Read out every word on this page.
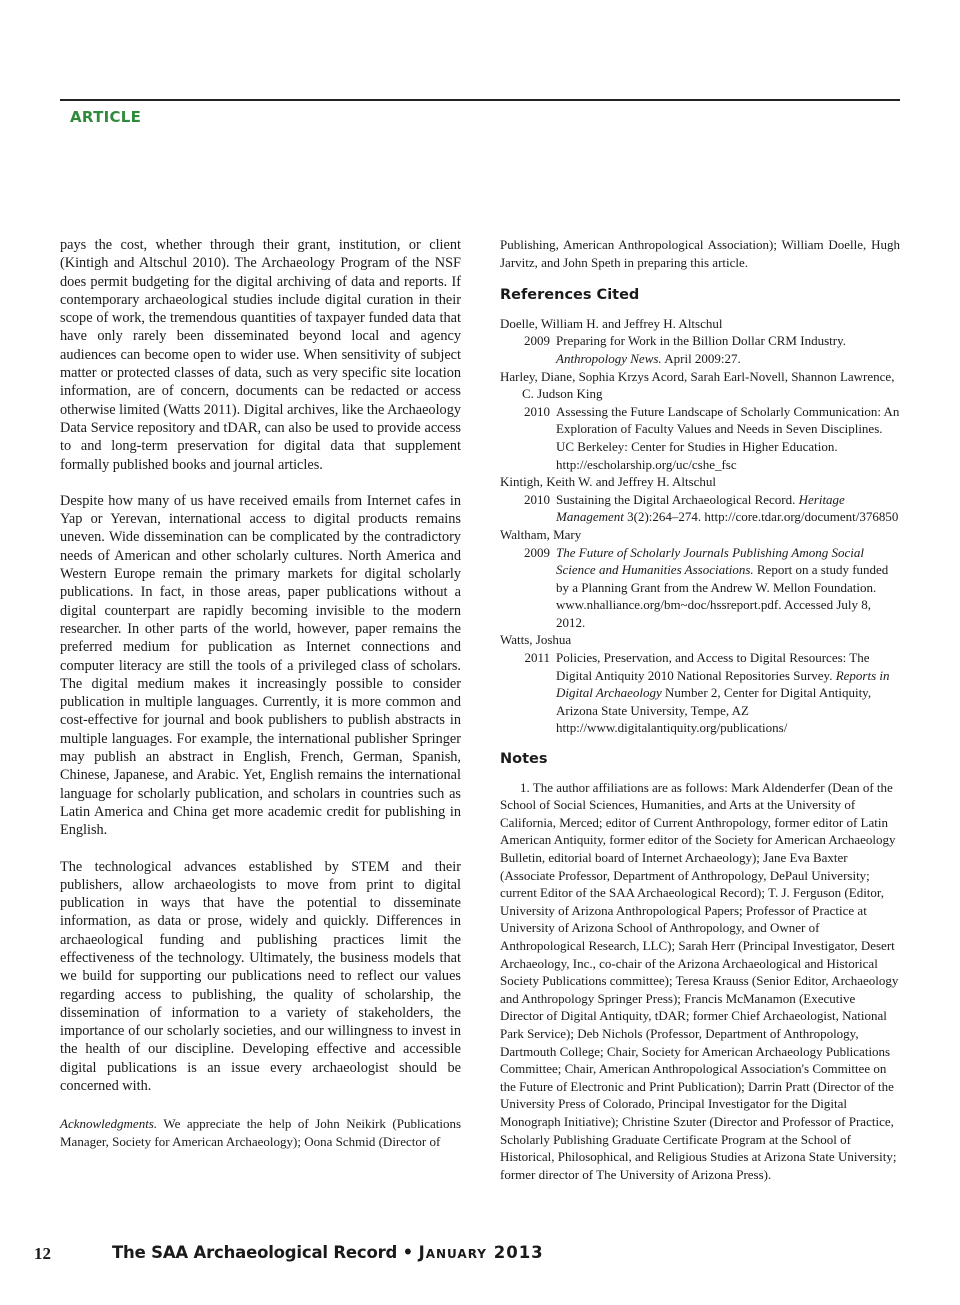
ARTICLE

pays the cost, whether through their grant, institution, or client (Kintigh and Altschul 2010). The Archaeology Program of the NSF does permit budgeting for the digital archiving of data and reports. If contemporary archaeological studies include digital curation in their scope of work, the tremendous quantities of taxpayer funded data that have only rarely been disseminated beyond local and agency audiences can become open to wider use. When sensitivity of subject matter or protected classes of data, such as very specific site location information, are of concern, documents can be redacted or access otherwise limited (Watts 2011). Digital archives, like the Archaeology Data Service repository and tDAR, can also be used to provide access to and long-term preservation for digital data that supplement formally published books and journal articles.

Despite how many of us have received emails from Internet cafes in Yap or Yerevan, international access to digital products remains uneven. Wide dissemination can be complicated by the contradictory needs of American and other scholarly cultures. North America and Western Europe remain the primary markets for digital scholarly publications. In fact, in those areas, paper publications without a digital counterpart are rapidly becoming invisible to the modern researcher. In other parts of the world, however, paper remains the preferred medium for publication as Internet connections and computer literacy are still the tools of a privileged class of scholars. The digital medium makes it increasingly possible to consider publication in multiple languages. Currently, it is more common and cost-effective for journal and book publishers to publish abstracts in multiple languages. For example, the international publisher Springer may publish an abstract in English, French, German, Spanish, Chinese, Japanese, and Arabic. Yet, English remains the international language for scholarly publication, and scholars in countries such as Latin America and China get more academic credit for publishing in English.

The technological advances established by STEM and their publishers, allow archaeologists to move from print to digital publication in ways that have the potential to disseminate information, as data or prose, widely and quickly. Differences in archaeological funding and publishing practices limit the effectiveness of the technology. Ultimately, the business models that we build for supporting our publications need to reflect our values regarding access to publishing, the quality of scholarship, the dissemination of information to a variety of stakeholders, the importance of our scholarly societies, and our willingness to invest in the health of our discipline. Developing effective and accessible digital publications is an issue every archaeologist should be concerned with.

Acknowledgments. We appreciate the help of John Neikirk (Publications Manager, Society for American Archaeology); Oona Schmid (Director of

Publishing, American Anthropological Association); William Doelle, Hugh Jarvitz, and John Speth in preparing this article.

References Cited

Doelle, William H. and Jeffrey H. Altschul

2009 Preparing for Work in the Billion Dollar CRM Industry. Anthropology News. April 2009:27.

Harley, Diane, Sophia Krzys Acord, Sarah Earl-Novell, Shannon Lawrence, C. Judson King

2010 Assessing the Future Landscape of Scholarly Communication: An Exploration of Faculty Values and Needs in Seven Disciplines. UC Berkeley: Center for Studies in Higher Education. http://escholarship.org/uc/cshe_fsc

Kintigh, Keith W. and Jeffrey H. Altschul

2010 Sustaining the Digital Archaeological Record. Heritage Management 3(2):264–274. http://core.tdar.org/document/376850

Waltham, Mary

2009 The Future of Scholarly Journals Publishing Among Social Science and Humanities Associations. Report on a study funded by a Planning Grant from the Andrew W. Mellon Foundation. www.nhalliance.org/bm~doc/hssreport.pdf. Accessed July 8, 2012.

Watts, Joshua

2011 Policies, Preservation, and Access to Digital Resources: The Digital Antiquity 2010 National Repositories Survey. Reports in Digital Archaeology Number 2, Center for Digital Antiquity, Arizona State University, Tempe, AZ http://www.digitalantiquity.org/publications/
Notes

1. The author affiliations are as follows: Mark Aldenderfer (Dean of the School of Social Sciences, Humanities, and Arts at the University of California, Merced; editor of Current Anthropology, former editor of Latin American Antiquity, former editor of the Society for American Archaeology Bulletin, editorial board of Internet Archaeology); Jane Eva Baxter (Associate Professor, Department of Anthropology, DePaul University; current Editor of the SAA Archaeological Record); T. J. Ferguson (Editor, University of Arizona Anthropological Papers; Professor of Practice at University of Arizona School of Anthropology, and Owner of Anthropological Research, LLC); Sarah Herr (Principal Investigator, Desert Archaeology, Inc., co-chair of the Arizona Archaeological and Historical Society Publications committee); Teresa Krauss (Senior Editor, Archaeology and Anthropology Springer Press); Francis McManamon (Executive Director of Digital Antiquity, tDAR; former Chief Archaeologist, National Park Service); Deb Nichols (Professor, Department of Anthropology, Dartmouth College; Chair, Society for American Archaeology Publications Committee; Chair, American Anthropological Association's Committee on the Future of Electronic and Print Publication); Darrin Pratt (Director of the University Press of Colorado, Principal Investigator for the Digital Monograph Initiative); Christine Szuter (Director and Professor of Practice, Scholarly Publishing Graduate Certificate Program at the School of Historical, Philosophical, and Religious Studies at Arizona State University; former director of The University of Arizona Press).

12	The SAA Archaeological Record • January 2013
